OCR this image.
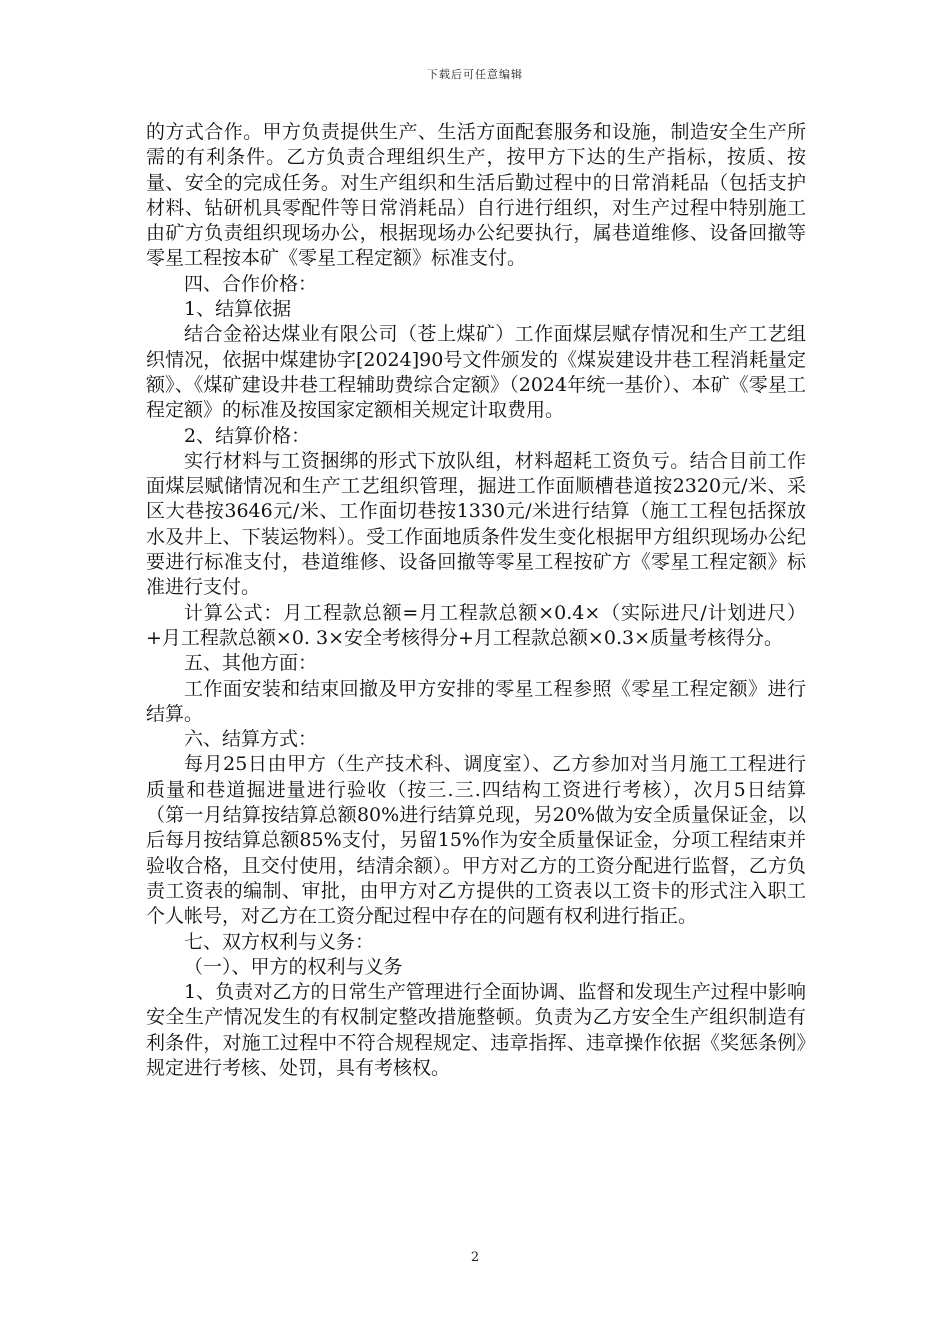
下载后可任意编辑

的方式合作。甲方负责提供生产、生活方面配套服务和设施，制造安全生产所需的有利条件。乙方负责合理组织生产，按甲方下达的生产指标，按质、按量、安全的完成任务。对生产组织和生活后勤过程中的日常消耗品（包括支护材料、钻研机具零配件等日常消耗品）自行进行组织，对生产过程中特别施工由矿方负责组织现场办公，根据现场办公纪要执行，属巷道维修、设备回撤等零星工程按本矿《零星工程定额》标准支付。

四、合作价格：

1、结算依据

结合金裕达煤业有限公司（苍上煤矿）工作面煤层赋存情况和生产工艺组织情况，依据中煤建协字[2024]90号文件颁发的《煤炭建设井巷工程消耗量定额》、《煤矿建设井巷工程辅助费综合定额》（2024年统一基价）、本矿《零星工程定额》的标准及按国家定额相关规定计取费用。

2、结算价格：

实行材料与工资捆绑的形式下放队组，材料超耗工资负亏。结合目前工作面煤层赋储情况和生产工艺组织管理，掘进工作面顺槽巷道按2320元/米、采区大巷按3646元/米、工作面切巷按1330元/米进行结算（施工工程包括探放水及井上、下装运物料）。受工作面地质条件发生变化根据甲方组织现场办公纪要进行标准支付，巷道维修、设备回撤等零星工程按矿方《零星工程定额》标准进行支付。

计算公式：月工程款总额=月工程款总额×0.4×（实际进尺/计划进尺）+月工程款总额×0. 3×安全考核得分+月工程款总额×0.3×质量考核得分。

五、其他方面：

工作面安装和结束回撤及甲方安排的零星工程参照《零星工程定额》进行结算。

六、结算方式：

每月25日由甲方（生产技术科、调度室）、乙方参加对当月施工工程进行质量和巷道掘进量进行验收（按三.三.四结构工资进行考核），次月5日结算（第一月结算按结算总额80%进行结算兑现，另20%做为安全质量保证金，以后每月按结算总额85%支付，另留15%作为安全质量保证金，分项工程结束并验收合格，且交付使用，结清余额）。甲方对乙方的工资分配进行监督，乙方负责工资表的编制、审批，由甲方对乙方提供的工资表以工资卡的形式注入职工个人帐号，对乙方在工资分配过程中存在的问题有权利进行指正。

七、双方权利与义务：

（一）、甲方的权利与义务

1、负责对乙方的日常生产管理进行全面协调、监督和发现生产过程中影响安全生产情况发生的有权制定整改措施整顿。负责为乙方安全生产组织制造有利条件，对施工过程中不符合规程规定、违章指挥、违章操作依据《奖惩条例》规定进行考核、处罚，具有考核权。

2
